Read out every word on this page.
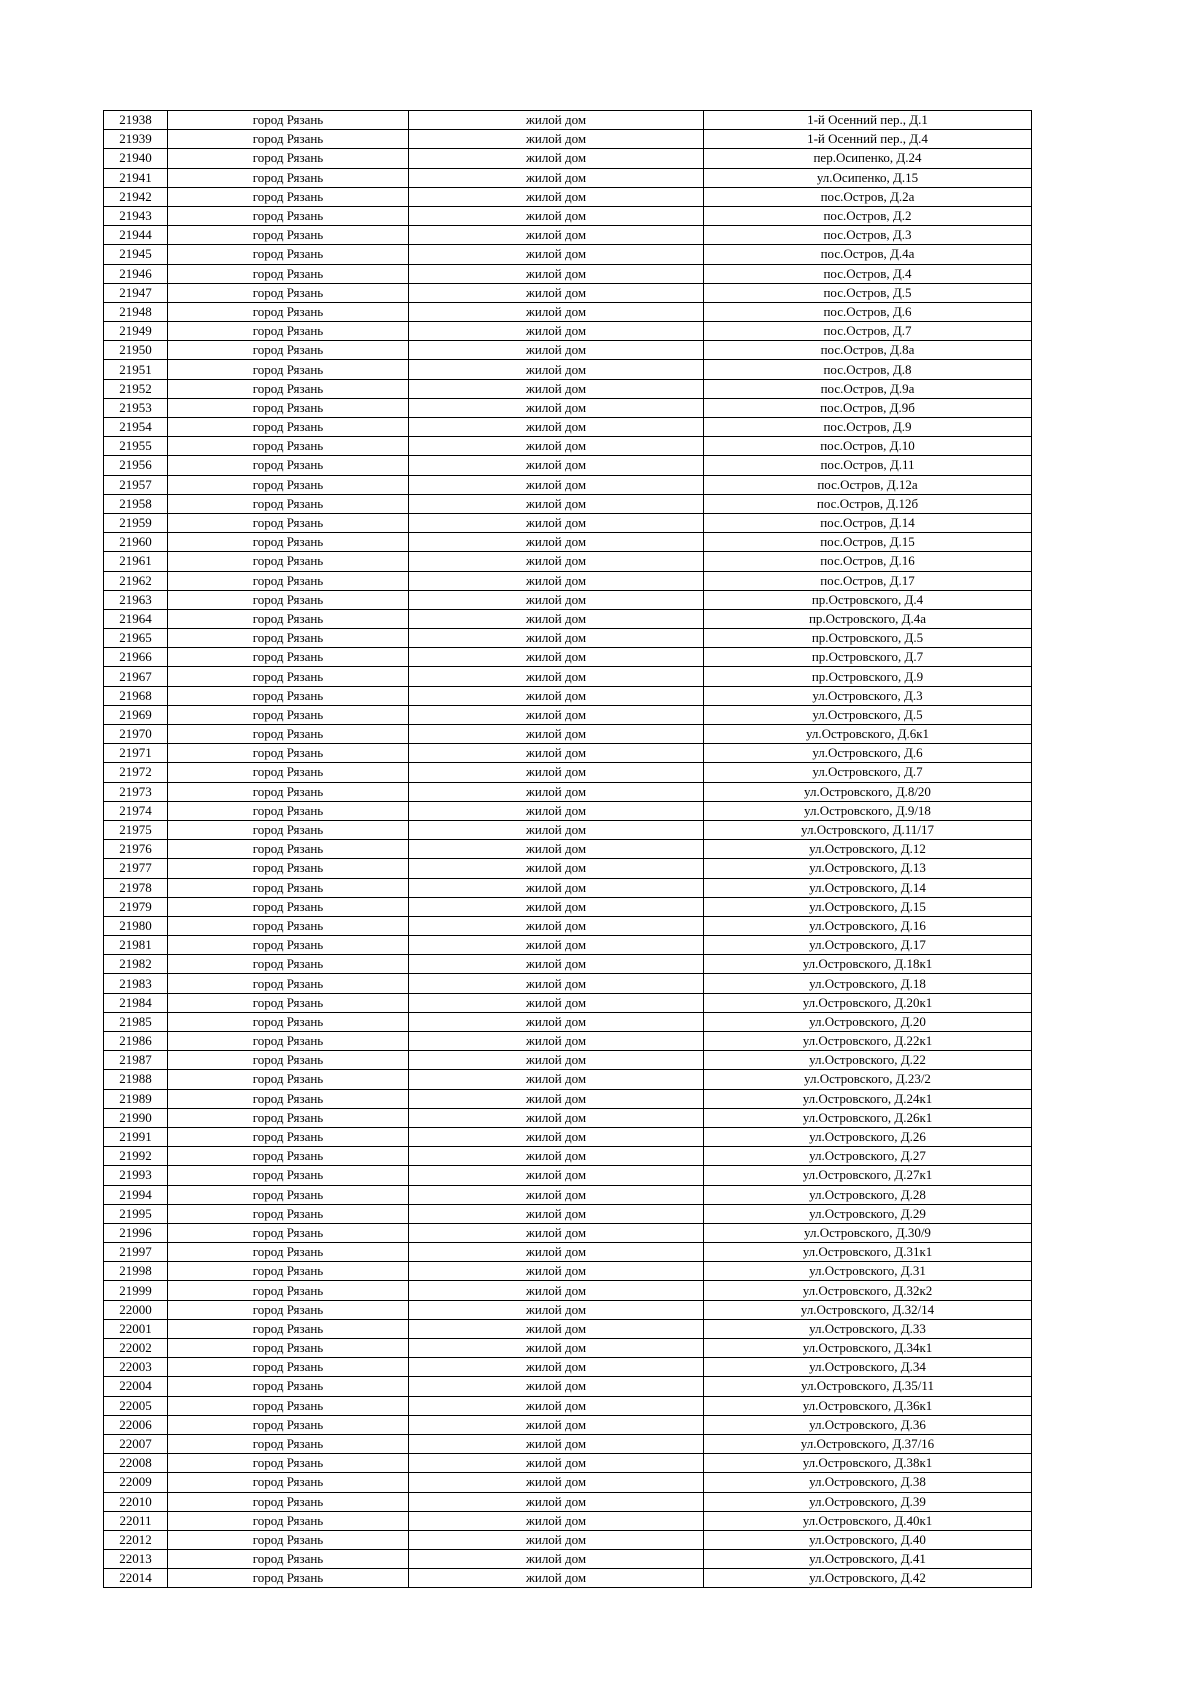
21938	город Рязань	жилой дом	1-й Осенний пер., Д.1
21939	город Рязань	жилой дом	1-й Осенний пер., Д.4
21940	город Рязань	жилой дом	пер.Осипенко, Д.24
21941	город Рязань	жилой дом	ул.Осипенко, Д.15
21942	город Рязань	жилой дом	пос.Остров, Д.2а
21943	город Рязань	жилой дом	пос.Остров, Д.2
21944	город Рязань	жилой дом	пос.Остров, Д.3
21945	город Рязань	жилой дом	пос.Остров, Д.4а
21946	город Рязань	жилой дом	пос.Остров, Д.4
21947	город Рязань	жилой дом	пос.Остров, Д.5
21948	город Рязань	жилой дом	пос.Остров, Д.6
21949	город Рязань	жилой дом	пос.Остров, Д.7
21950	город Рязань	жилой дом	пос.Остров, Д.8а
21951	город Рязань	жилой дом	пос.Остров, Д.8
21952	город Рязань	жилой дом	пос.Остров, Д.9а
21953	город Рязань	жилой дом	пос.Остров, Д.9б
21954	город Рязань	жилой дом	пос.Остров, Д.9
21955	город Рязань	жилой дом	пос.Остров, Д.10
21956	город Рязань	жилой дом	пос.Остров, Д.11
21957	город Рязань	жилой дом	пос.Остров, Д.12а
21958	город Рязань	жилой дом	пос.Остров, Д.12б
21959	город Рязань	жилой дом	пос.Остров, Д.14
21960	город Рязань	жилой дом	пос.Остров, Д.15
21961	город Рязань	жилой дом	пос.Остров, Д.16
21962	город Рязань	жилой дом	пос.Остров, Д.17
21963	город Рязань	жилой дом	пр.Островского, Д.4
21964	город Рязань	жилой дом	пр.Островского, Д.4а
21965	город Рязань	жилой дом	пр.Островского, Д.5
21966	город Рязань	жилой дом	пр.Островского, Д.7
21967	город Рязань	жилой дом	пр.Островского, Д.9
21968	город Рязань	жилой дом	ул.Островского, Д.3
21969	город Рязань	жилой дом	ул.Островского, Д.5
21970	город Рязань	жилой дом	ул.Островского, Д.6к1
21971	город Рязань	жилой дом	ул.Островского, Д.6
21972	город Рязань	жилой дом	ул.Островского, Д.7
21973	город Рязань	жилой дом	ул.Островского, Д.8/20
21974	город Рязань	жилой дом	ул.Островского, Д.9/18
21975	город Рязань	жилой дом	ул.Островского, Д.11/17
21976	город Рязань	жилой дом	ул.Островского, Д.12
21977	город Рязань	жилой дом	ул.Островского, Д.13
21978	город Рязань	жилой дом	ул.Островского, Д.14
21979	город Рязань	жилой дом	ул.Островского, Д.15
21980	город Рязань	жилой дом	ул.Островского, Д.16
21981	город Рязань	жилой дом	ул.Островского, Д.17
21982	город Рязань	жилой дом	ул.Островского, Д.18к1
21983	город Рязань	жилой дом	ул.Островского, Д.18
21984	город Рязань	жилой дом	ул.Островского, Д.20к1
21985	город Рязань	жилой дом	ул.Островского, Д.20
21986	город Рязань	жилой дом	ул.Островского, Д.22к1
21987	город Рязань	жилой дом	ул.Островского, Д.22
21988	город Рязань	жилой дом	ул.Островского, Д.23/2
21989	город Рязань	жилой дом	ул.Островского, Д.24к1
21990	город Рязань	жилой дом	ул.Островского, Д.26к1
21991	город Рязань	жилой дом	ул.Островского, Д.26
21992	город Рязань	жилой дом	ул.Островского, Д.27
21993	город Рязань	жилой дом	ул.Островского, Д.27к1
21994	город Рязань	жилой дом	ул.Островского, Д.28
21995	город Рязань	жилой дом	ул.Островского, Д.29
21996	город Рязань	жилой дом	ул.Островского, Д.30/9
21997	город Рязань	жилой дом	ул.Островского, Д.31к1
21998	город Рязань	жилой дом	ул.Островского, Д.31
21999	город Рязань	жилой дом	ул.Островского, Д.32к2
22000	город Рязань	жилой дом	ул.Островского, Д.32/14
22001	город Рязань	жилой дом	ул.Островского, Д.33
22002	город Рязань	жилой дом	ул.Островского, Д.34к1
22003	город Рязань	жилой дом	ул.Островского, Д.34
22004	город Рязань	жилой дом	ул.Островского, Д.35/11
22005	город Рязань	жилой дом	ул.Островского, Д.36к1
22006	город Рязань	жилой дом	ул.Островского, Д.36
22007	город Рязань	жилой дом	ул.Островского, Д.37/16
22008	город Рязань	жилой дом	ул.Островского, Д.38к1
22009	город Рязань	жилой дом	ул.Островского, Д.38
22010	город Рязань	жилой дом	ул.Островского, Д.39
22011	город Рязань	жилой дом	ул.Островского, Д.40к1
22012	город Рязань	жилой дом	ул.Островского, Д.40
22013	город Рязань	жилой дом	ул.Островского, Д.41
22014	город Рязань	жилой дом	ул.Островского, Д.42
